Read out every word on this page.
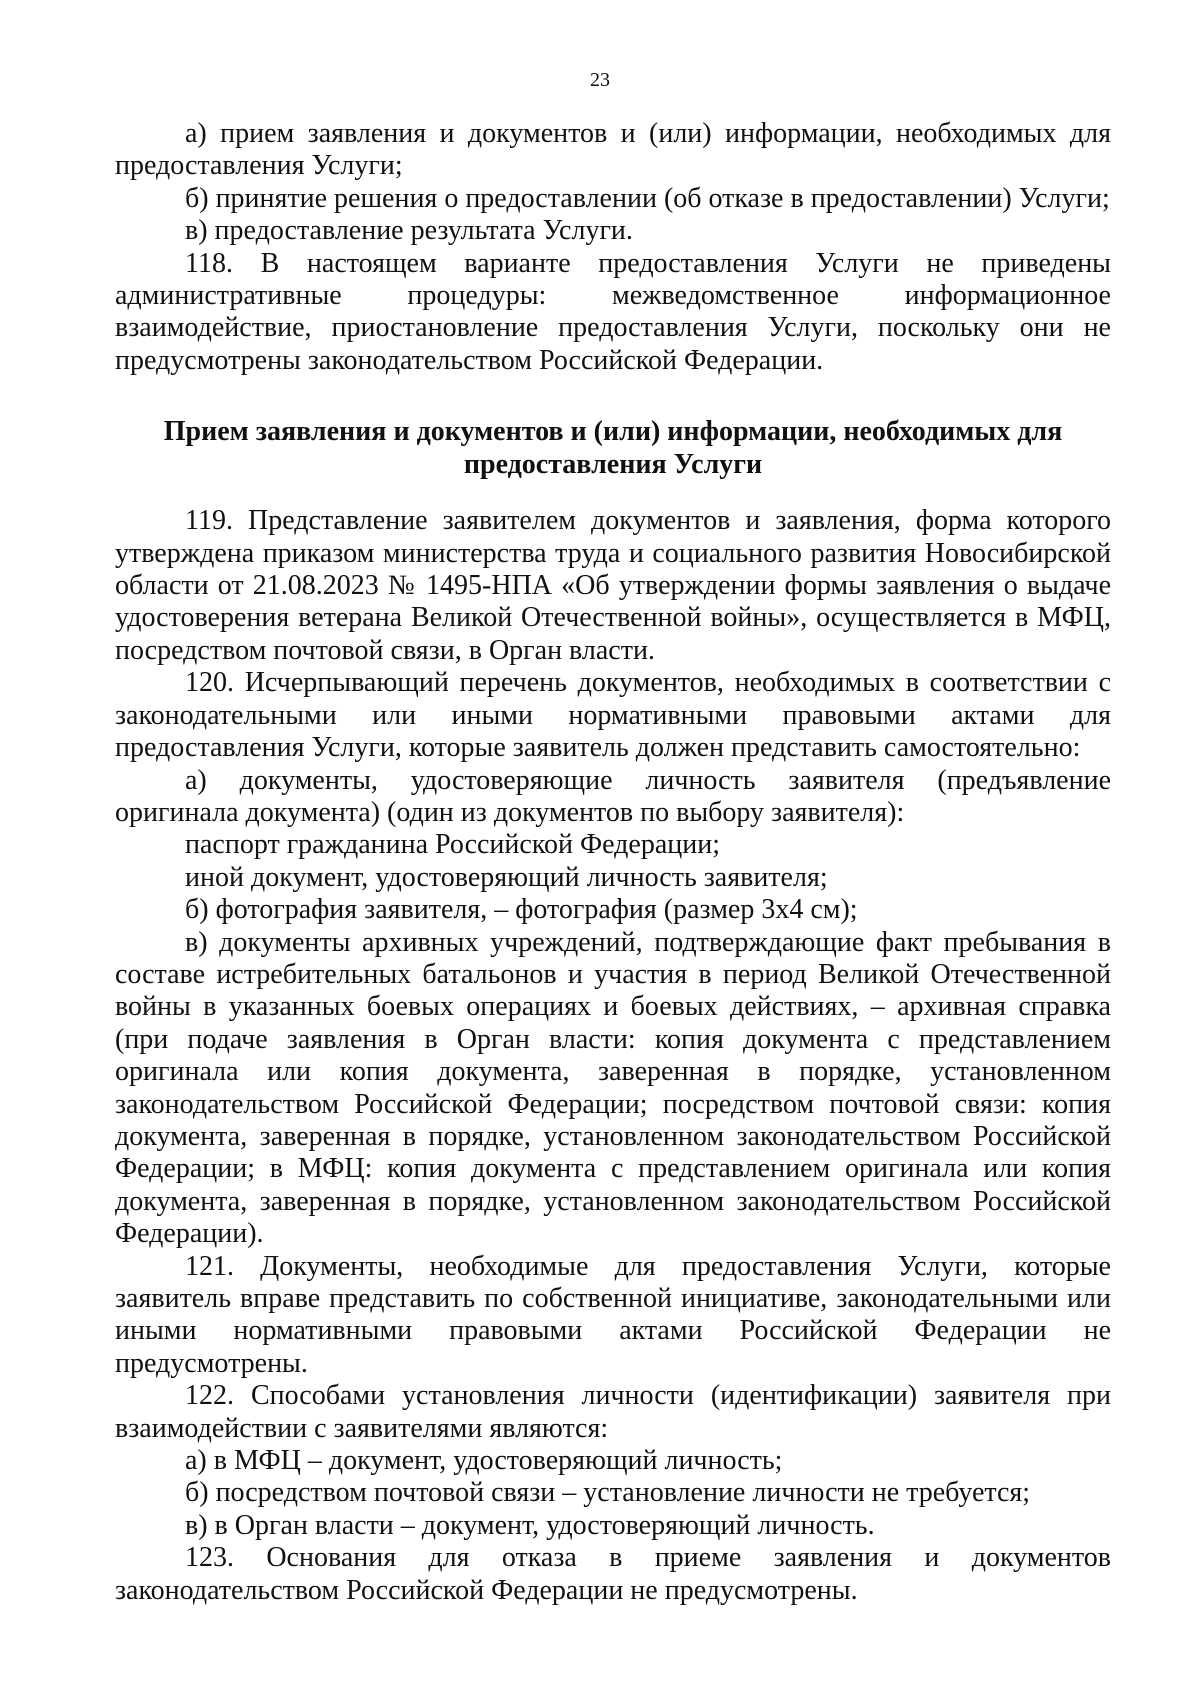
23

а) прием заявления и документов и (или) информации, необходимых для предоставления Услуги;

б) принятие решения о предоставлении (об отказе в предоставлении) Услуги;

в) предоставление результата Услуги.

118. В настоящем варианте предоставления Услуги не приведены административные процедуры: межведомственное информационное взаимодействие, приостановление предоставления Услуги, поскольку они не предусмотрены законодательством Российской Федерации.

Прием заявления и документов и (или) информации, необходимых для предоставления Услуги

119. Представление заявителем документов и заявления, форма которого утверждена приказом министерства труда и социального развития Новосибирской области от 21.08.2023 № 1495-НПА «Об утверждении формы заявления о выдаче удостоверения ветерана Великой Отечественной войны», осуществляется в МФЦ, посредством почтовой связи, в Орган власти.

120. Исчерпывающий перечень документов, необходимых в соответствии с законодательными или иными нормативными правовыми актами для предоставления Услуги, которые заявитель должен представить самостоятельно:

а) документы, удостоверяющие личность заявителя (предъявление оригинала документа) (один из документов по выбору заявителя):

паспорт гражданина Российской Федерации;

иной документ, удостоверяющий личность заявителя;

б) фотография заявителя, – фотография (размер 3х4 см);

в) документы архивных учреждений, подтверждающие факт пребывания в составе истребительных батальонов и участия в период Великой Отечественной войны в указанных боевых операциях и боевых действиях, – архивная справка (при подаче заявления в Орган власти: копия документа с представлением оригинала или копия документа, заверенная в порядке, установленном законодательством Российской Федерации; посредством почтовой связи: копия документа, заверенная в порядке, установленном законодательством Российской Федерации; в МФЦ: копия документа с представлением оригинала или копия документа, заверенная в порядке, установленном законодательством Российской Федерации).

121. Документы, необходимые для предоставления Услуги, которые заявитель вправе представить по собственной инициативе, законодательными или иными нормативными правовыми актами Российской Федерации не предусмотрены.

122. Способами установления личности (идентификации) заявителя при взаимодействии с заявителями являются:

а) в МФЦ – документ, удостоверяющий личность;

б) посредством почтовой связи – установление личности не требуется;

в) в Орган власти – документ, удостоверяющий личность.

123. Основания для отказа в приеме заявления и документов законодательством Российской Федерации не предусмотрены.
